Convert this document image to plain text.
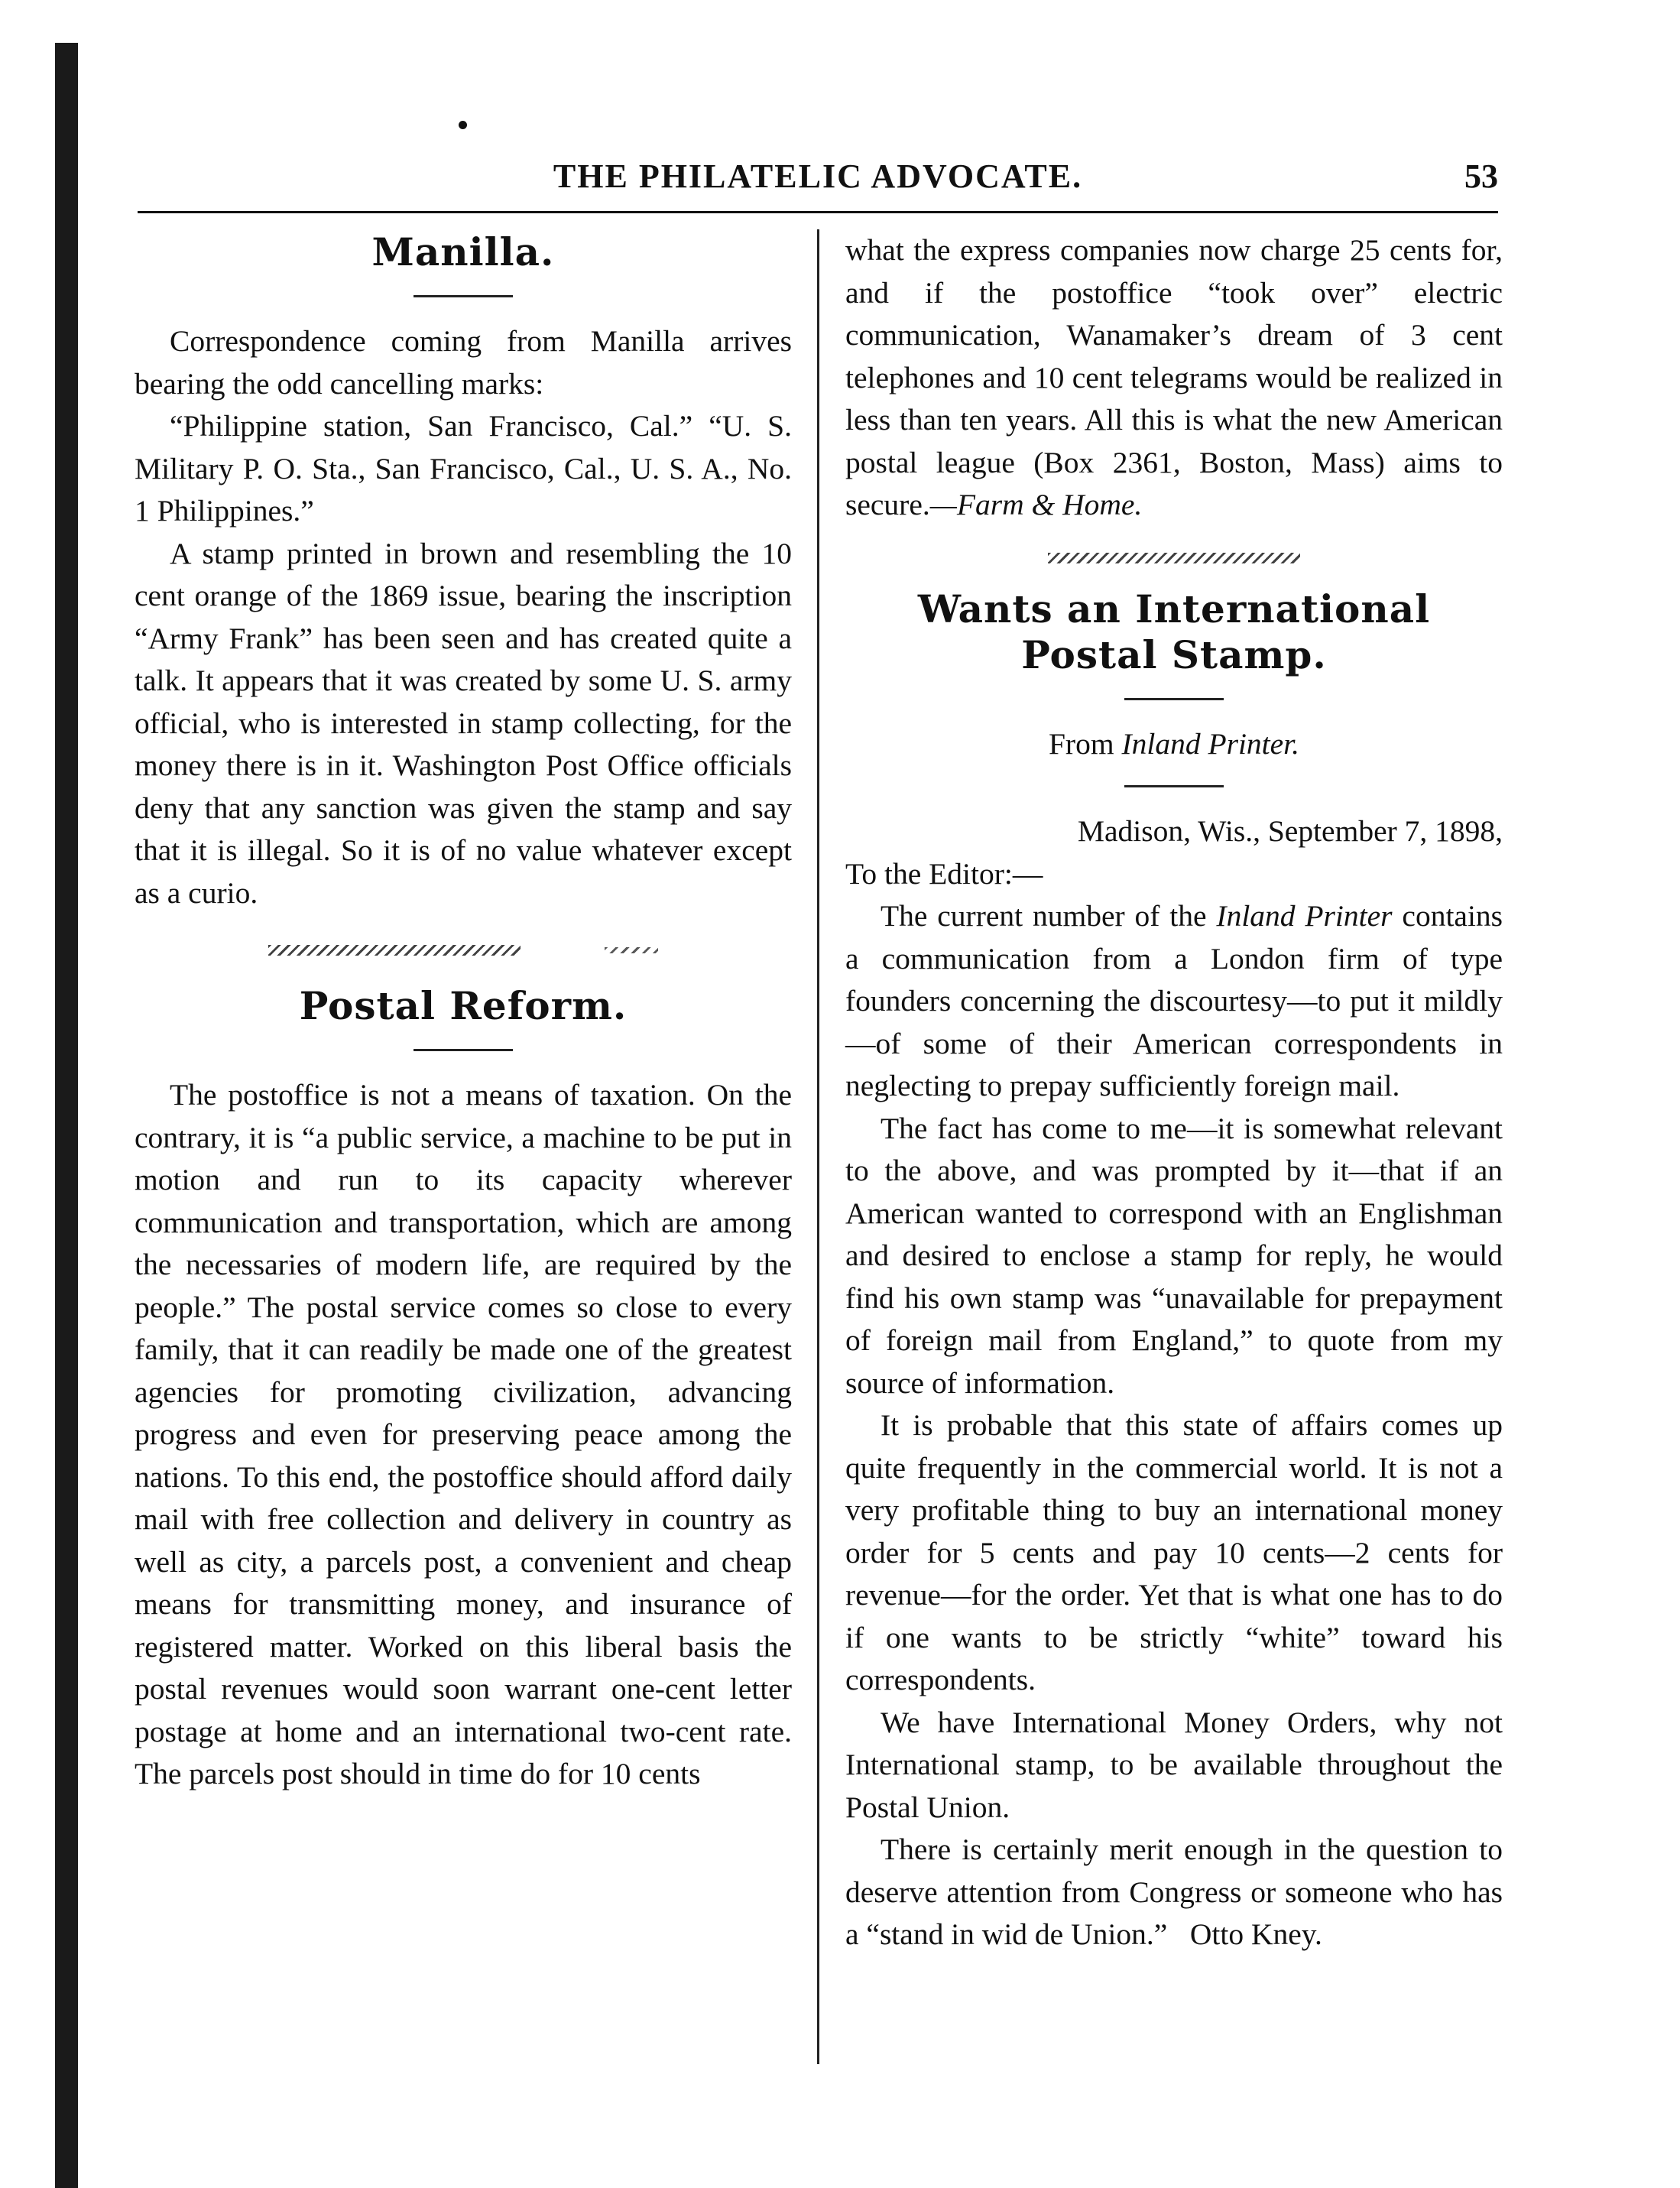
THE PHILATELIC ADVOCATE.	53
Manilla.

Correspondence coming from Manilla arrives bearing the odd cancelling marks:

“Philippine station, San Francisco, Cal.” “U. S. Military P. O. Sta., San Francisco, Cal., U. S. A., No. 1 Philippines.”

A stamp printed in brown and resembling the 10 cent orange of the 1869 issue, bearing the inscription “Army Frank” has been seen and has created quite a talk. It appears that it was created by some U. S. army official, who is interested in stamp collecting, for the money there is in it. Washington Post Office officials deny that any sanction was given the stamp and say that it is illegal. So it is of no value whatever except as a curio.

Postal Reform.

The postoffice is not a means of taxation. On the contrary, it is “a public service, a machine to be put in motion and run to its capacity wherever communication and transportation, which are among the necessaries of modern life, are required by the people.” The postal service comes so close to every family, that it can readily be made one of the greatest agencies for promoting civilization, advancing progress and even for preserving peace among the nations. To this end, the postoffice should afford daily mail with free collection and delivery in country as well as city, a parcels post, a convenient and cheap means for transmitting money, and insurance of registered matter. Worked on this liberal basis the postal revenues would soon warrant one-cent letter postage at home and an international two-cent rate. The parcels post should in time do for 10 cents

what the express companies now charge 25 cents for, and if the postoffice “took over” electric communication, Wanamaker’s dream of 3 cent telephones and 10 cent telegrams would be realized in less than ten years. All this is what the new American postal league (Box 2361, Boston, Mass) aims to secure.—Farm & Home.

Wants an International
Postal Stamp.

From Inland Printer.

Madison, Wis., September 7, 1898,

To the Editor:—

The current number of the Inland Printer contains a communication from a London firm of type founders concerning the discourtesy—to put it mildly—of some of their American correspondents in neglecting to prepay sufficiently foreign mail.

The fact has come to me—it is somewhat relevant to the above, and was prompted by it—that if an American wanted to correspond with an Englishman and desired to enclose a stamp for reply, he would find his own stamp was “unavailable for prepayment of foreign mail from England,” to quote from my source of information.

It is probable that this state of affairs comes up quite frequently in the commercial world. It is not a very profitable thing to buy an international money order for 5 cents and pay 10 cents—2 cents for revenue—for the order. Yet that is what one has to do if one wants to be strictly “white” toward his correspondents.

We have International Money Orders, why not International stamp, to be available throughout the Postal Union.

There is certainly merit enough in the question to deserve attention from Congress or someone who has a “stand in wid de Union.” Otto Kney.
